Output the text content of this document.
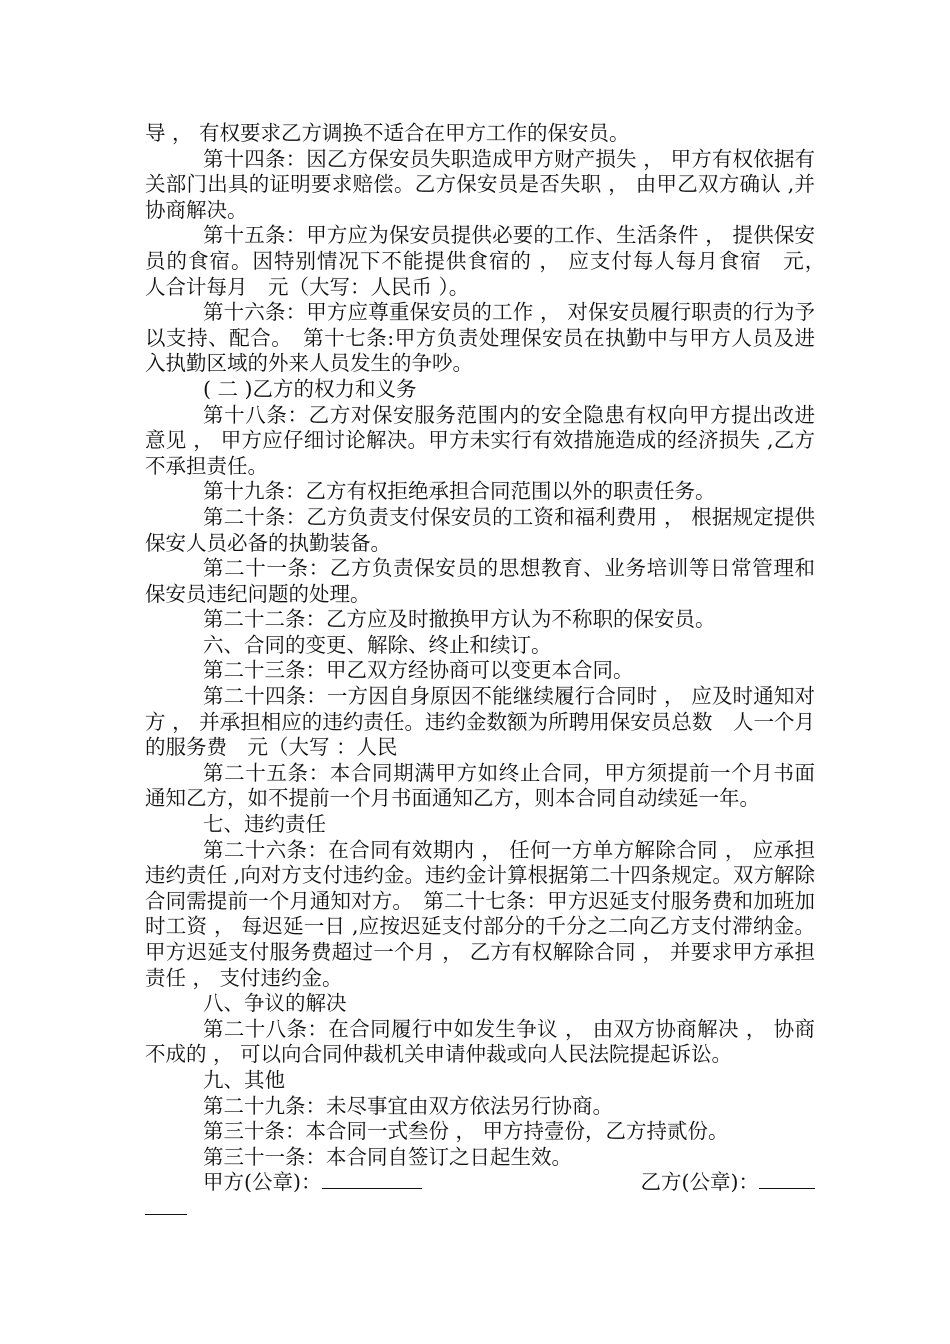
导 ， 有权要求乙方调换不适合在甲方工作的保安员。

第十四条：因乙方保安员失职造成甲方财产损失 ， 甲方有权依据有关部门出具的证明要求赔偿。乙方保安员是否失职 ， 由甲乙双方确认 ,并协商解决。

第十五条：甲方应为保安员提供必要的工作、生活条件 ， 提供保安员的食宿。因特别情况下不能提供食宿的 ， 应支付每人每月食宿　元，　人合计每月　元（大写：人民币 ）。

第十六条：甲方应尊重保安员的工作 ， 对保安员履行职责的行为予以支持、配合。　第十七条:甲方负责处理保安员在执勤中与甲方人员及进入执勤区域的外来人员发生的争吵。

( 二 )乙方的权力和义务

第十八条：乙方对保安服务范围内的安全隐患有权向甲方提出改进意见 ， 甲方应仔细讨论解决。甲方未实行有效措施造成的经济损失 ,乙方不承担责任。

第十九条：乙方有权拒绝承担合同范围以外的职责任务。

第二十条：乙方负责支付保安员的工资和福利费用 ， 根据规定提供保安人员必备的执勤装备。

第二十一条：乙方负责保安员的思想教育、业务培训等日常管理和保安员违纪问题的处理。

第二十二条：乙方应及时撤换甲方认为不称职的保安员。

六、合同的变更、解除、终止和续订。

第二十三条：甲乙双方经协商可以变更本合同。

第二十四条：一方因自身原因不能继续履行合同时 ， 应及时通知对方 ， 并承担相应的违约责任。违约金数额为所聘用保安员总数　人一个月的服务费　元（大写 ：人民

第二十五条：本合同期满甲方如终止合同，甲方须提前一个月书面通知乙方，如不提前一个月书面通知乙方，则本合同自动续延一年。

七、违约责任

第二十六条：在合同有效期内 ， 任何一方单方解除合同 ， 应承担违约责任 ,向对方支付违约金。违约金计算根据第二十四条规定。双方解除合同需提前一个月通知对方。　第二十七条：甲方迟延支付服务费和加班加时工资 ， 每迟延一日 ,应按迟延支付部分的千分之二向乙方支付滞纳金。甲方迟延支付服务费超过一个月 ， 乙方有权解除合同 ， 并要求甲方承担责任 ， 支付违约金。

八、争议的解决

第二十八条：在合同履行中如发生争议 ， 由双方协商解决 ， 协商不成的 ， 可以向合同仲裁机关申请仲裁或向人民法院提起诉讼。

九、其他

第二十九条：未尽事宜由双方依法另行协商。

第三十条：本合同一式叁份 ， 甲方持壹份，乙方持贰份。

第三十一条：本合同自签订之日起生效。

甲方(公章)：	乙方(公章)：
